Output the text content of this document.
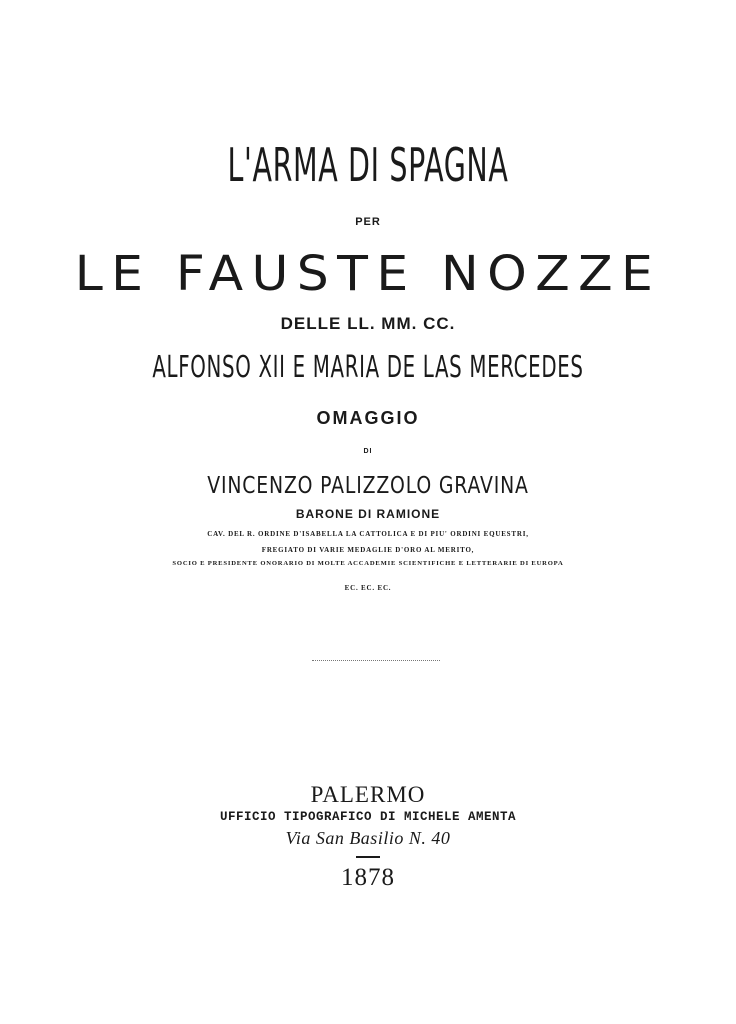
L'ARMA DI SPAGNA
PER
LE FAUSTE NOZZE
DELLE LL. MM. CC.
ALFONSO XII E MARIA DE LAS MERCEDES
OMAGGIO
DI
VINCENZO PALIZZOLO GRAVINA
BARONE DI RAMIONE
CAV. DEL R. ORDINE D'ISABELLA LA CATTOLICA E DI PIU' ORDINI EQUESTRI,
FREGIATO DI VARIE MEDAGLIE D'ORO AL MERITO,
SOCIO E PRESIDENTE ONORARIO DI MOLTE ACCADEMIE SCIENTIFICHE E LETTERARIE DI EUROPA
EC. EC. EC.
PALERMO
UFFICIO TIPOGRAFICO DI MICHELE AMENTA
Via San Basilio N. 40
1878
